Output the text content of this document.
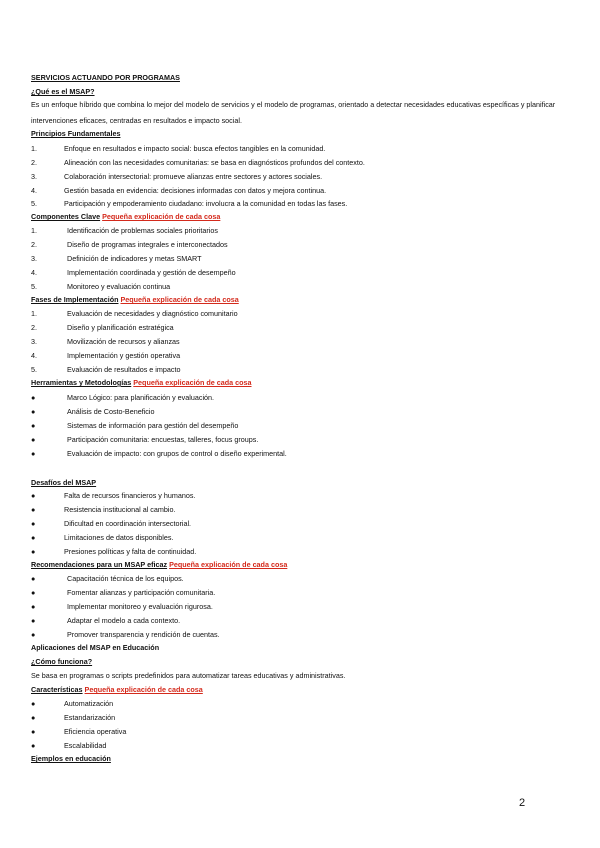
SERVICIOS ACTUANDO POR PROGRAMAS
¿Qué es el MSAP?
Es un enfoque híbrido que combina lo mejor del modelo de servicios y el modelo de programas, orientado a detectar necesidades educativas específicas y planificar intervenciones eficaces, centradas en resultados e impacto social.
Principios Fundamentales
1.	Enfoque en resultados e impacto social: busca efectos tangibles en la comunidad.
2.	Alineación con las necesidades comunitarias: se basa en diagnósticos profundos del contexto.
3.	Colaboración intersectorial: promueve alianzas entre sectores y actores sociales.
4.	Gestión basada en evidencia: decisiones informadas con datos y mejora continua.
5.	Participación y empoderamiento ciudadano: involucra a la comunidad en todas las fases.
Componentes Clave Pequeña explicación de cada cosa
1.	Identificación de problemas sociales prioritarios
2.	Diseño de programas integrales e interconectados
3.	Definición de indicadores y metas SMART
4.	Implementación coordinada y gestión de desempeño
5.	Monitoreo y evaluación continua
Fases de Implementación Pequeña explicación de cada cosa
1.	Evaluación de necesidades y diagnóstico comunitario
2.	Diseño y planificación estratégica
3.	Movilización de recursos y alianzas
4.	Implementación y gestión operativa
5.	Evaluación de resultados e impacto
Herramientas y Metodologías Pequeña explicación de cada cosa
●	Marco Lógico: para planificación y evaluación.
●	Análisis de Costo-Beneficio
●	Sistemas de información para gestión del desempeño
●	Participación comunitaria: encuestas, talleres, focus groups.
●	Evaluación de impacto: con grupos de control o diseño experimental.
Desafíos del MSAP
●	Falta de recursos financieros y humanos.
●	Resistencia institucional al cambio.
●	Dificultad en coordinación intersectorial.
●	Limitaciones de datos disponibles.
●	Presiones políticas y falta de continuidad.
Recomendaciones para un MSAP eficaz Pequeña explicación de cada cosa
●	Capacitación técnica de los equipos.
●	Fomentar alianzas y participación comunitaria.
●	Implementar monitoreo y evaluación rigurosa.
●	Adaptar el modelo a cada contexto.
●	Promover transparencia y rendición de cuentas.
Aplicaciones del MSAP en Educación
¿Cómo funciona?
Se basa en programas o scripts predefinidos para automatizar tareas educativas y administrativas.
Características Pequeña explicación de cada cosa
●	Automatización
●	Estandarización
●	Eficiencia operativa
●	Escalabilidad
Ejemplos en educación
2
